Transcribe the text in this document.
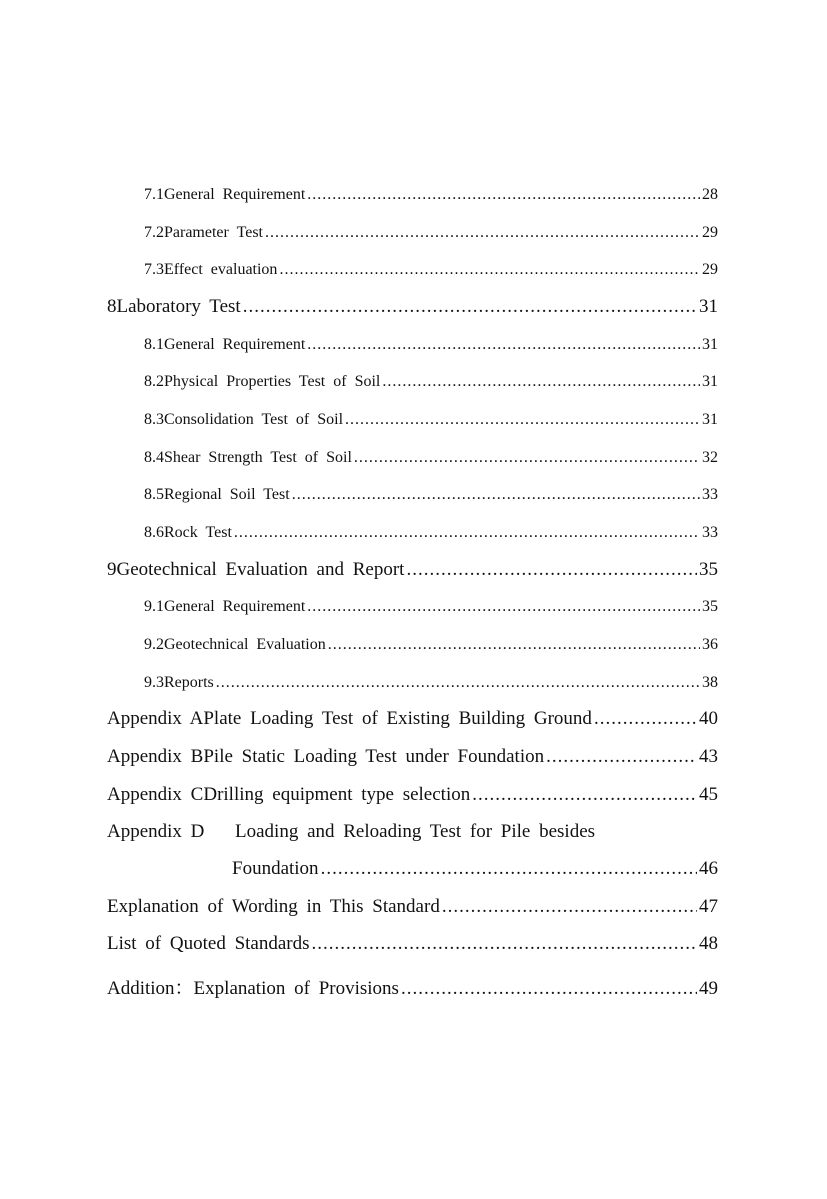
7.1 General Requirement .....	28
7.2 Parameter Test .....	29
7.3 Effect evaluation .....	29
8 Laboratory Test .....	31
8.1 General Requirement .....	31
8.2 Physical Properties Test of Soil .....	31
8.3 Consolidation Test of Soil .....	31
8.4 Shear Strength Test of Soil .....	32
8.5 Regional Soil Test .....	33
8.6 Rock Test .....	33
9 Geotechnical Evaluation and Report .....	35
9.1 General Requirement .....	35
9.2 Geotechnical Evaluation .....	36
9.3 Reports .....	38
Appendix A Plate Loading Test of Existing Building Ground .....	40
Appendix B Pile Static Loading Test under Foundation .....	43
Appendix C Drilling equipment type selection .....	45
Appendix D	Loading and Reloading Test for Pile besides
Foundation .....	46
Explanation of Wording in This Standard .....	47
List of Quoted Standards .....	48
Addition：Explanation of Provisions .....	49
